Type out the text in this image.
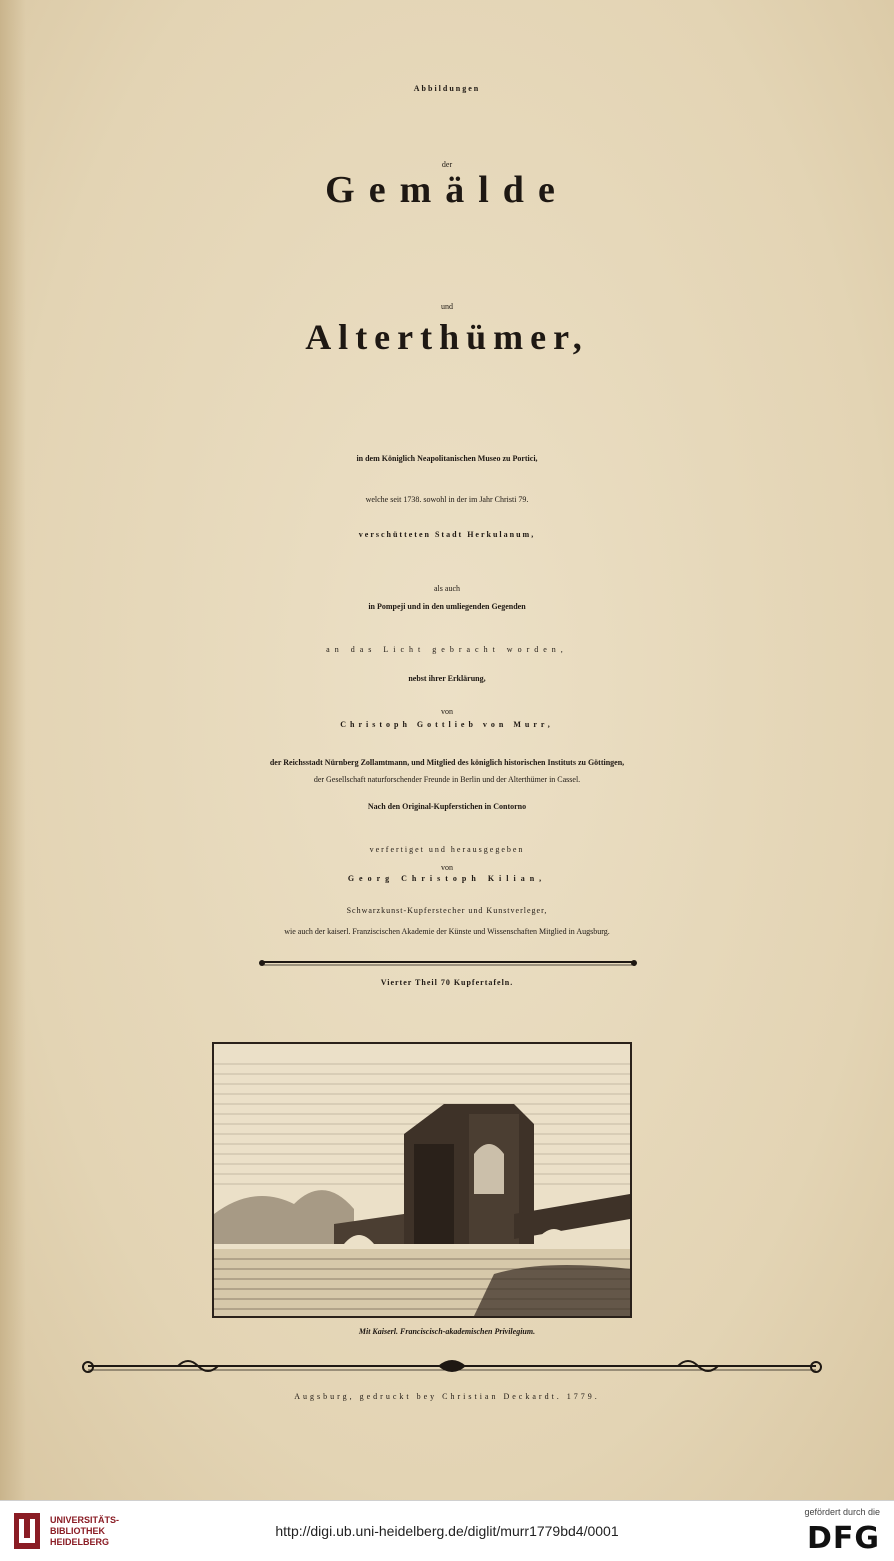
Abbildungen
der
Gemälde
und
Alterthümer,
in dem Königlich Neapolitanischen Museo zu Portici,
welche seit 1738. sowohl in der im Jahr Christi 79.
verschütteten Stadt Herkulanum,
als auch
in Pompeji und in den umliegenden Gegenden
an das Licht gebracht worden,
nebst ihrer Erklärung,
von
Christoph Gottlieb von Murr,
der Reichsstadt Nürnberg Zollamtmann, und Mitglied des königlich historischen Instituts zu Göttingen,
der Gesellschaft naturforschender Freunde in Berlin und der Alterthümer in Cassel.
Nach den Original-Kupferstichen in Contorno
verfertiget und herausgegeben
von
Georg Christoph Kilian,
Schwarzkunst-Kupferstecher und Kunstverleger,
wie auch der kaiserl. Franziscischen Akademie der Künste und Wissenschaften Mitglied in Augsburg.
Vierter Theil 70 Kupfertafeln.
Mit Kaiserl. Franciscisch-akademischen Privilegium.
Augsburg, gedruckt bey Christian Deckardt. 1779.
UNIVERSITÄTS-
BIBLIOTHEK
HEIDELBERG
http://digi.ub.uni-heidelberg.de/diglit/murr1779bd4/0001
gefördert durch die
DFG
